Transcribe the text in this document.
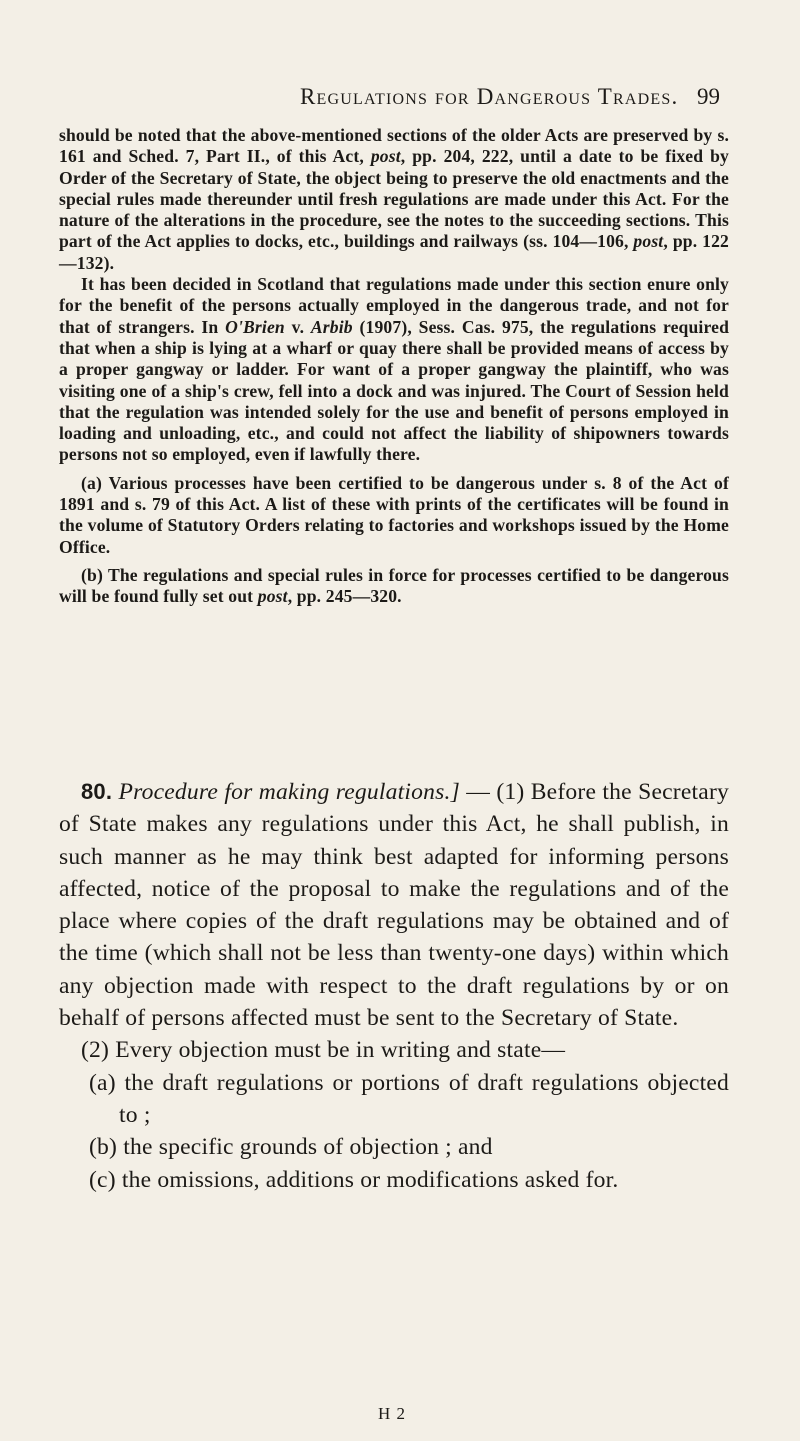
Regulations for Dangerous Trades. 99

should be noted that the above-mentioned sections of the older Acts are preserved by s. 161 and Sched. 7, Part II., of this Act, post, pp. 204, 222, until a date to be fixed by Order of the Secretary of State, the object being to preserve the old enactments and the special rules made thereunder until fresh regulations are made under this Act. For the nature of the alterations in the procedure, see the notes to the succeeding sections. This part of the Act applies to docks, etc., buildings and railways (ss. 104—106, post, pp. 122—132).

It has been decided in Scotland that regulations made under this section enure only for the benefit of the persons actually employed in the dangerous trade, and not for that of strangers. In O'Brien v. Arbib (1907), Sess. Cas. 975, the regulations required that when a ship is lying at a wharf or quay there shall be provided means of access by a proper gangway or ladder. For want of a proper gangway the plaintiff, who was visiting one of a ship's crew, fell into a dock and was injured. The Court of Session held that the regulation was intended solely for the use and benefit of persons employed in loading and unloading, etc., and could not affect the liability of shipowners towards persons not so employed, even if lawfully there.

(a) Various processes have been certified to be dangerous under s. 8 of the Act of 1891 and s. 79 of this Act. A list of these with prints of the certificates will be found in the volume of Statutory Orders relating to factories and workshops issued by the Home Office.

(b) The regulations and special rules in force for processes certified to be dangerous will be found fully set out post, pp. 245—320.

80. Procedure for making regulations.] — (1) Before the Secretary of State makes any regulations under this Act, he shall publish, in such manner as he may think best adapted for informing persons affected, notice of the proposal to make the regulations and of the place where copies of the draft regulations may be obtained and of the time (which shall not be less than twenty-one days) within which any objection made with respect to the draft regulations by or on behalf of persons affected must be sent to the Secretary of State.

(2) Every objection must be in writing and state—

(a) the draft regulations or portions of draft regulations objected to ;

(b) the specific grounds of objection ; and

(c) the omissions, additions or modifications asked for.

H 2
